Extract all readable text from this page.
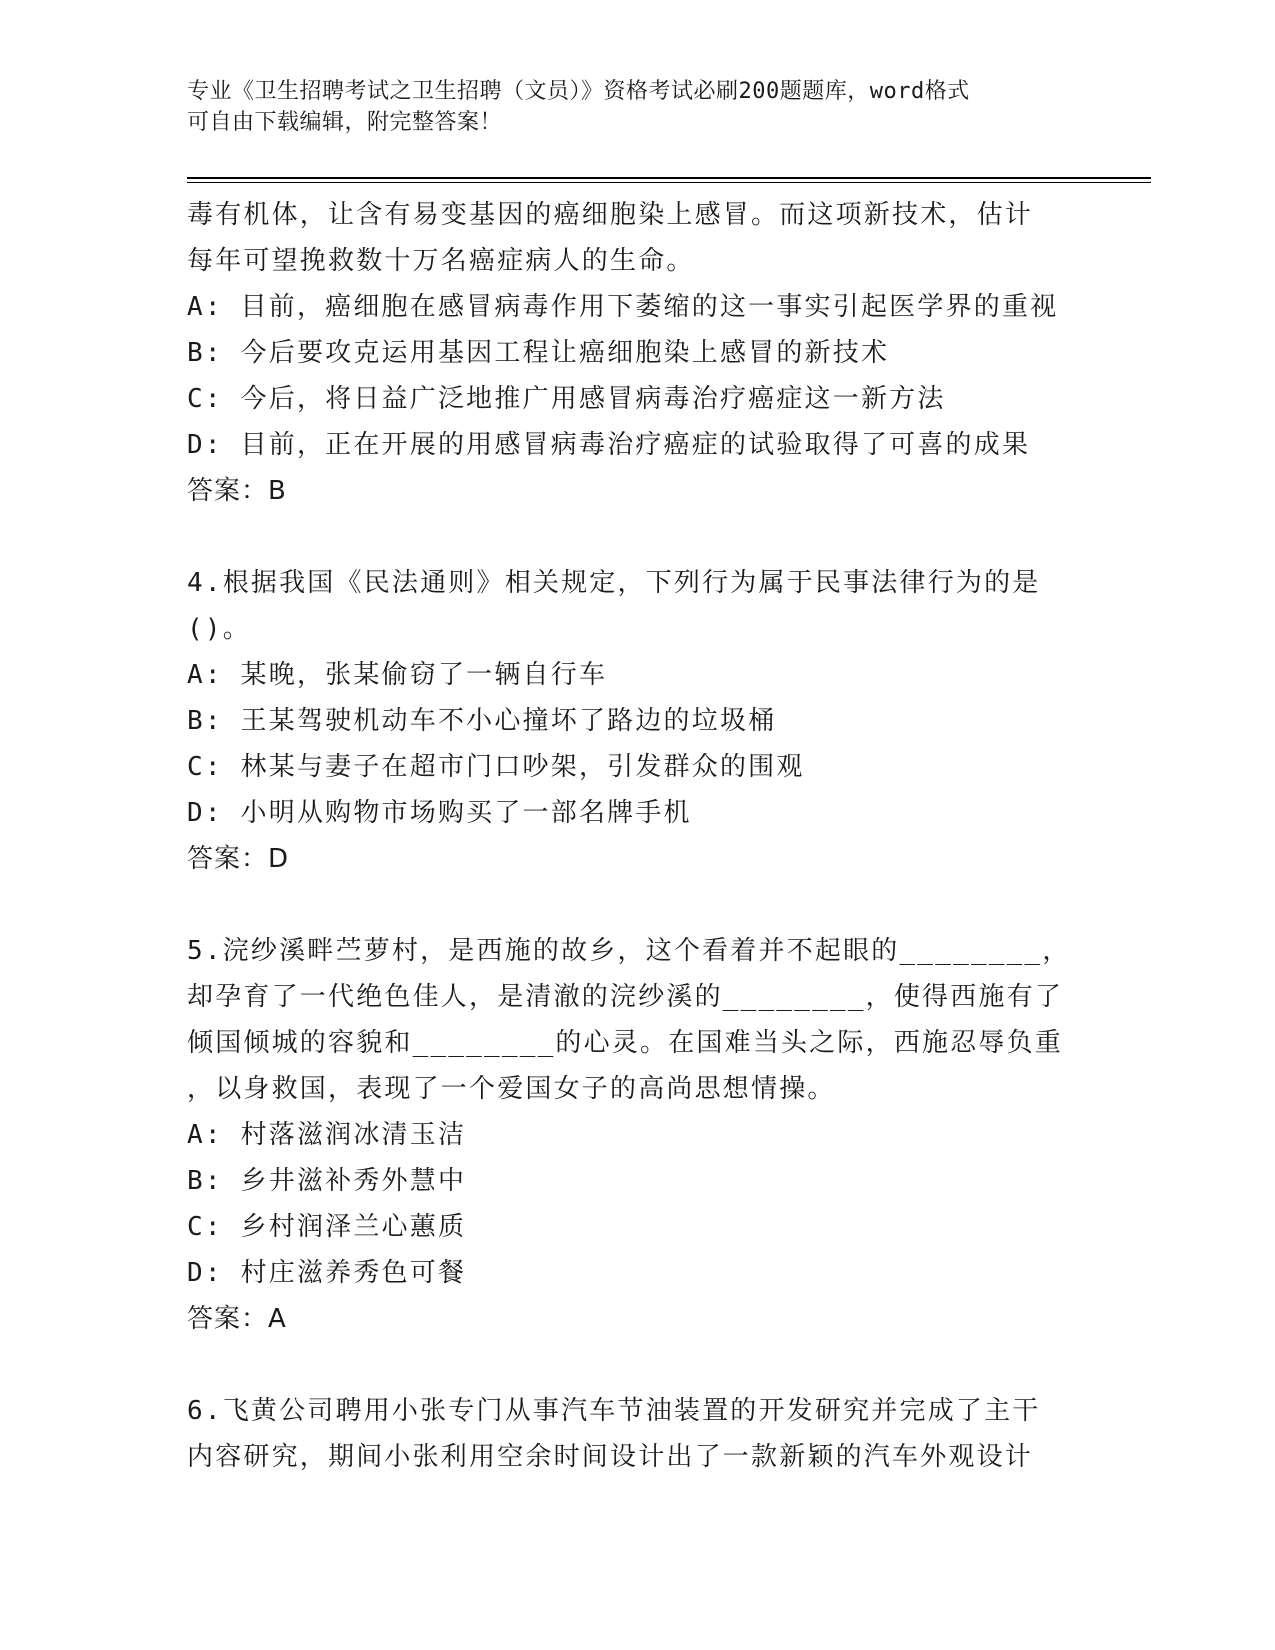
专业《卫生招聘考试之卫生招聘（文员）》资格考试必刷200题题库，word格式
可自由下载编辑，附完整答案！
毒有机体，让含有易变基因的癌细胞染上感冒。而这项新技术，估计
每年可望挽救数十万名癌症病人的生命。
A: 目前，癌细胞在感冒病毒作用下萎缩的这一事实引起医学界的重视
B: 今后要攻克运用基因工程让癌细胞染上感冒的新技术
C: 今后，将日益广泛地推广用感冒病毒治疗癌症这一新方法
D: 目前，正在开展的用感冒病毒治疗癌症的试验取得了可喜的成果
答案：B
4.根据我国《民法通则》相关规定，下列行为属于民事法律行为的是
()。
A: 某晚，张某偷窃了一辆自行车
B: 王某驾驶机动车不小心撞坏了路边的垃圾桶
C: 林某与妻子在超市门口吵架，引发群众的围观
D: 小明从购物市场购买了一部名牌手机
答案：D
5.浣纱溪畔苎萝村，是西施的故乡，这个看着并不起眼的________，
却孕育了一代绝色佳人，是清澈的浣纱溪的________，使得西施有了
倾国倾城的容貌和________的心灵。在国难当头之际，西施忍辱负重
，以身救国，表现了一个爱国女子的高尚思想情操。
A: 村落滋润冰清玉洁
B: 乡井滋补秀外慧中
C: 乡村润泽兰心蕙质
D: 村庄滋养秀色可餐
答案：A
6.飞黄公司聘用小张专门从事汽车节油装置的开发研究并完成了主干
内容研究，期间小张利用空余时间设计出了一款新颖的汽车外观设计
